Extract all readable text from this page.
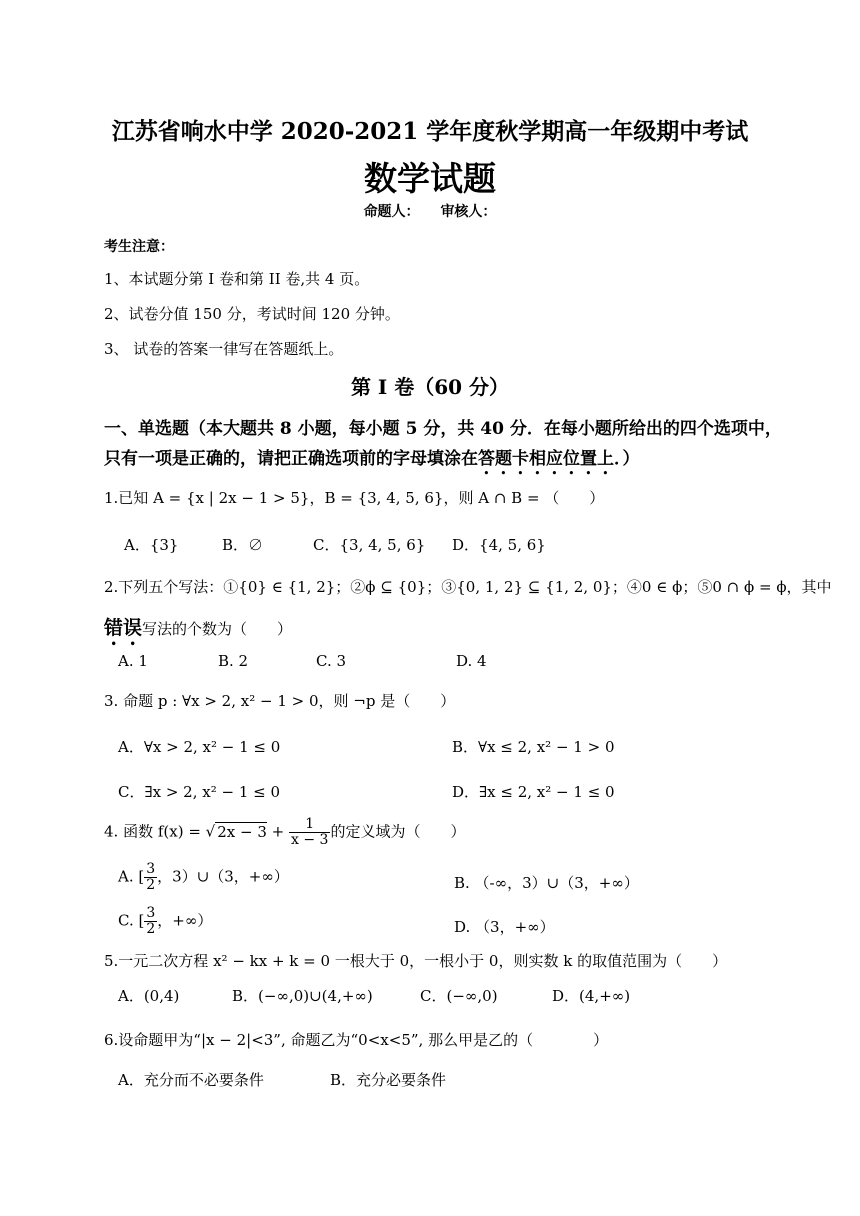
江苏省响水中学 2020-2021 学年度秋学期高一年级期中考试
数学试题
命题人： 审核人：
考生注意：
1、本试题分第 I 卷和第 II 卷,共 4 页。
2、试卷分值 150 分，考试时间 120 分钟。
3、 试卷的答案一律写在答题纸上。
第 I 卷（60 分）
一、单选题（本大题共 8 小题，每小题 5 分，共 40 分．在每小题所给出的四个选项中，
只有一项是正确的，请把正确选项前的字母填涂在答题卡相应位置上．）
1.已知 A = {x | 2x − 1 > 5}，B = {3, 4, 5, 6}，则 A ∩ B = （　　）
A．{3}	B．∅	C．{3, 4, 5, 6} D．{4, 5, 6}
2.下列五个写法：①{0} ∈ {1, 2}；②ϕ ⊆ {0}；③{0, 1, 2} ⊆ {1, 2, 0}；④0 ∈ ϕ；⑤0 ∩ ϕ = ϕ，其中
错误写法的个数为（　　）
A. 1	B. 2	C. 3	D. 4
3. 命题 p : ∀x > 2, x² − 1 > 0，则 ¬p 是（　　）
A．∀x > 2, x² − 1 ≤ 0	B．∀x ≤ 2, x² − 1 > 0
C．∃x > 2, x² − 1 ≤ 0	D．∃x ≤ 2, x² − 1 ≤ 0
4. 函数 f(x) = √ $2x - 3 + \frac{1}{x - 3}$ 的定义域为（　　）
A. [ $\frac{3}{2}$ ，3）∪（3，+∞）	B. （-∞，3）∪（3，+∞）
C. [ $\frac{3}{2}$ ，+∞）	D. （3，+∞）
5.一元二次方程 x² − kx + k = 0 一根大于 0，一根小于 0，则实数 k 的取值范围为（　　）
A．(0,4)	B．(−∞,0)∪(4,+∞)	C．(−∞,0)	D．(4,+∞)
6.设命题甲为“|x − 2|<3”, 命题乙为“0<x<5”, 那么甲是乙的（　　　　）
A．充分而不必要条件	B．充分必要条件
